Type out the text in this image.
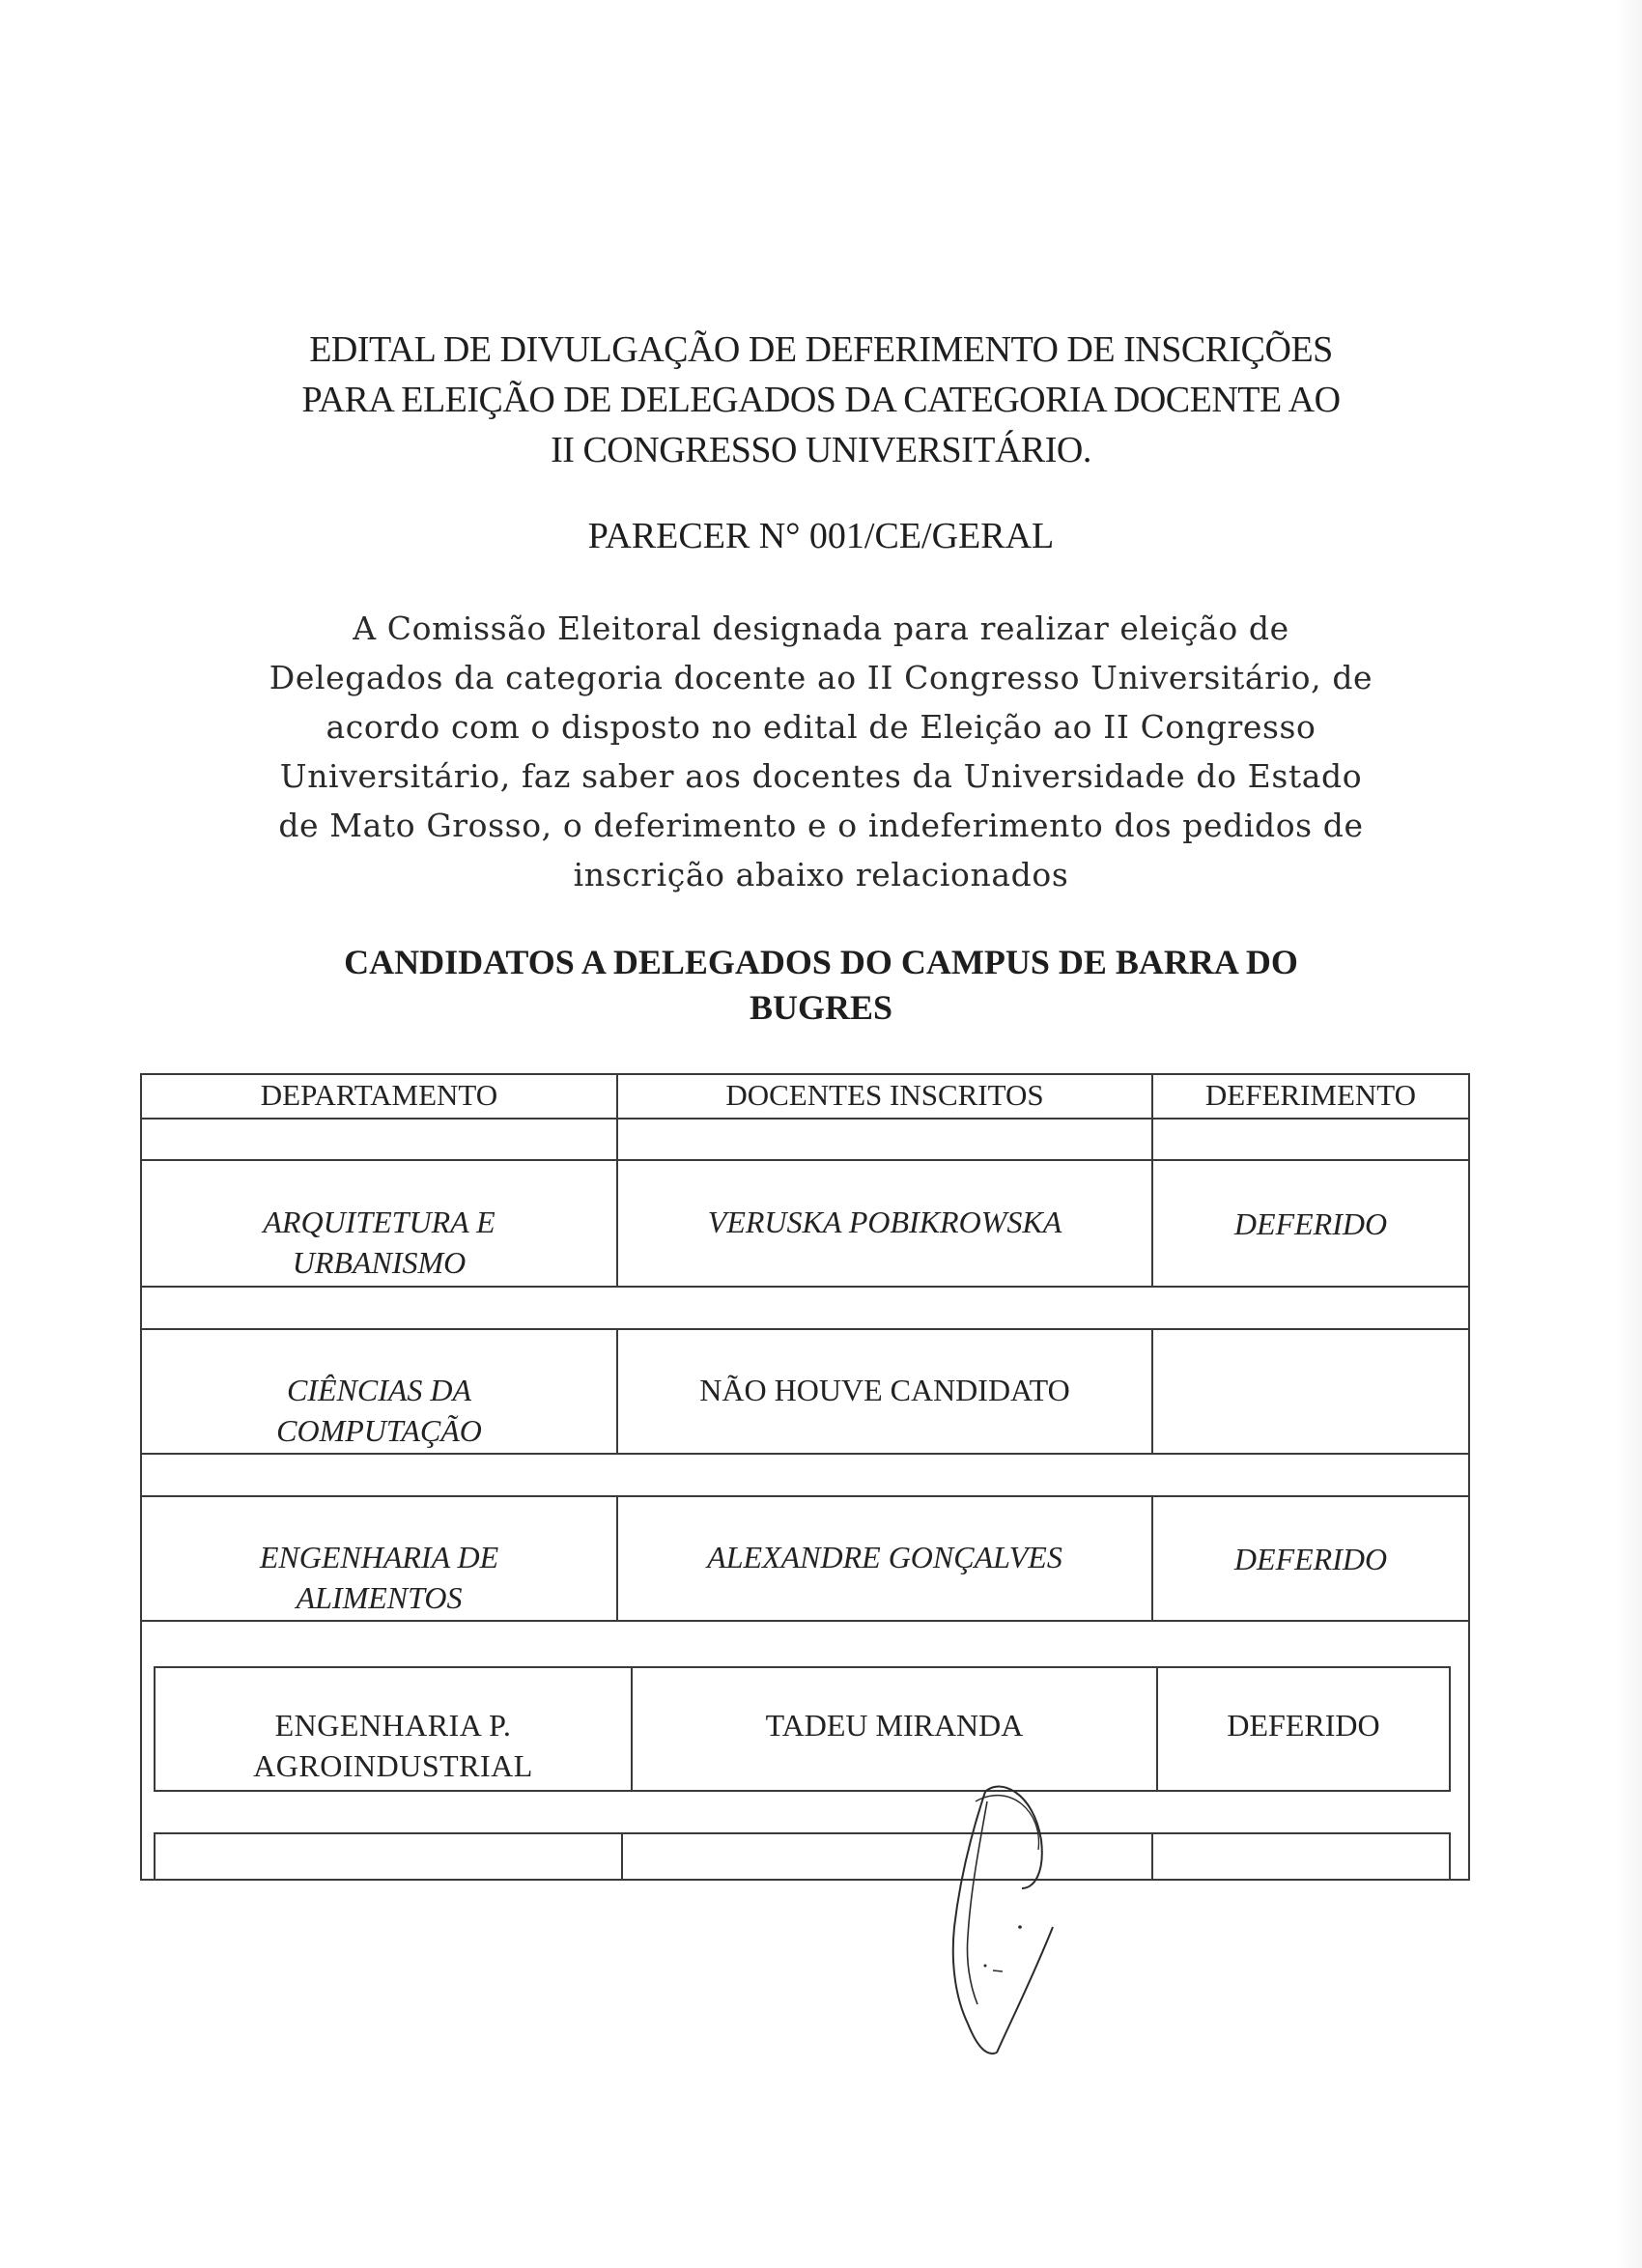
EDITAL DE DIVULGAÇÃO DE DEFERIMENTO DE INSCRIÇÕES
PARA ELEIÇÃO DE DELEGADOS DA CATEGORIA DOCENTE AO
II CONGRESSO UNIVERSITÁRIO.
PARECER N° 001/CE/GERAL
A Comissão Eleitoral designada para realizar eleição de
Delegados da categoria docente ao II Congresso Universitário, de
acordo com o disposto no edital de Eleição ao II Congresso
Universitário, faz saber aos docentes da Universidade do Estado
de Mato Grosso, o deferimento e o indeferimento dos pedidos de
inscrição abaixo relacionados
CANDIDATOS A DELEGADOS DO CAMPUS DE BARRA DO
BUGRES
DEPARTAMENTO	DOCENTES INSCRITOS	DEFERIMENTO
ARQUITETURA E
URBANISMO
VERUSKA POBIKROWSKA	DEFERIDO
CIÊNCIAS DA
COMPUTAÇÃO
NÃO HOUVE CANDIDATO
ENGENHARIA DE
ALIMENTOS
ALEXANDRE GONÇALVES	DEFERIDO
ENGENHARIA P.
AGROINDUSTRIAL
TADEU MIRANDA	DEFERIDO
